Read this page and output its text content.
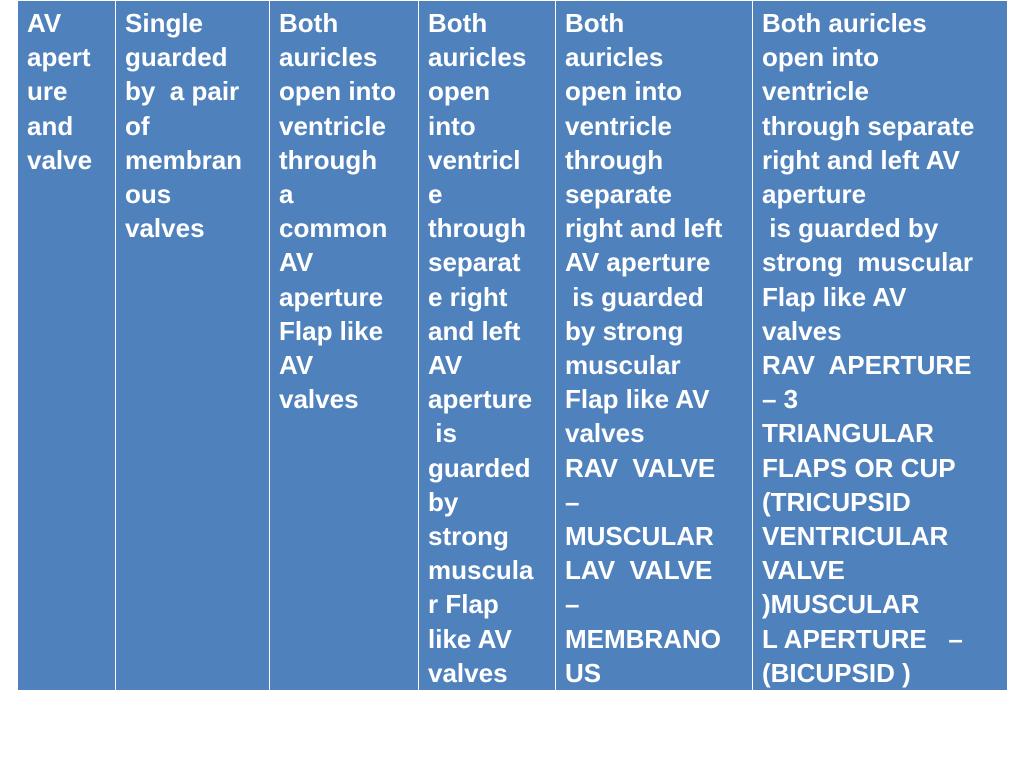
AV
apert
ure
and
valve	Single
guarded
by  a pair
of
membran
ous
valves	Both
auricles
open into
ventricle
through
a
common
AV
aperture
Flap like
AV
valves	Both
auricles
open
into
ventricl
e
through
separat
e right
and left
AV
aperture
is
guarded
by
strong
muscula
r Flap
like AV
valves	Both
auricles
open into
ventricle
through
separate
right and left
AV aperture
is guarded
by strong
muscular
Flap like AV
valves
RAV  VALVE
–
MUSCULAR
LAV  VALVE
–
MEMBRANO
US	Both auricles
open into
ventricle
through separate
right and left AV
aperture
is guarded by
strong  muscular
Flap like AV
valves
RAV  APERTURE
– 3
TRIANGULAR
FLAPS OR CUP
(TRICUPSID
VENTRICULAR
VALVE
)MUSCULAR
L APERTURE   –
(BICUPSID )
